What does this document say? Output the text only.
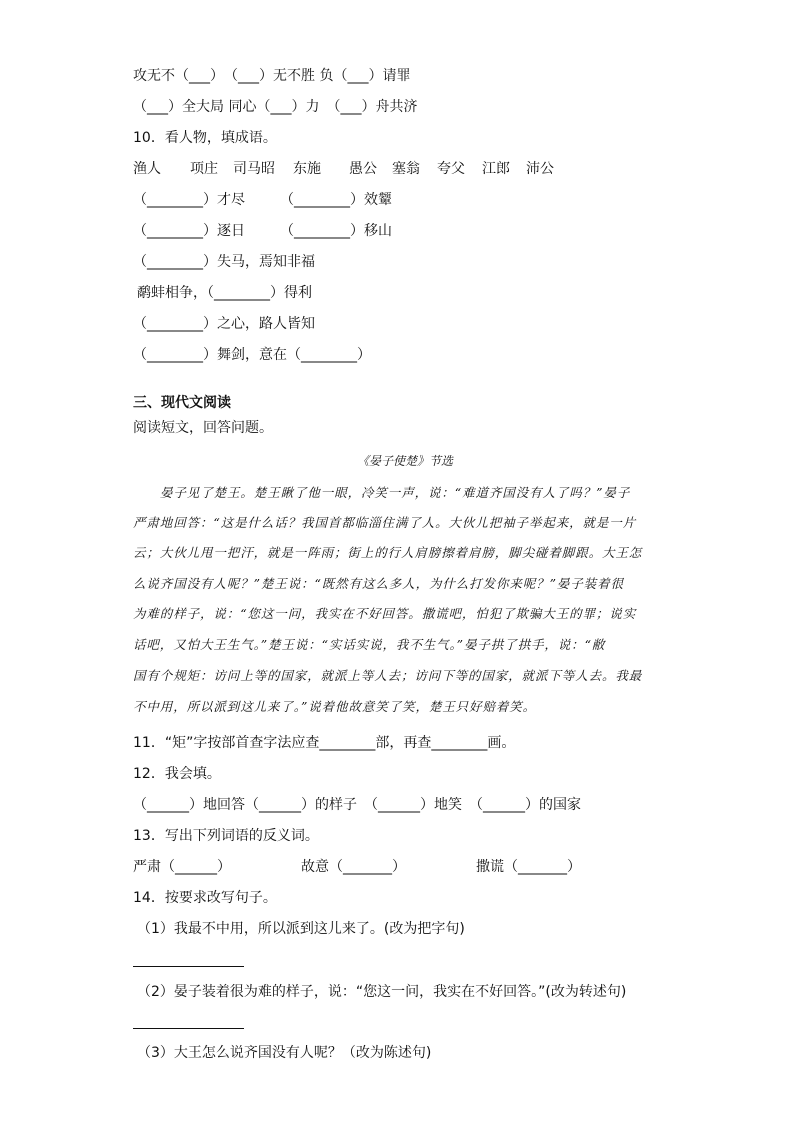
攻无不（___）　（___）无不胜 负（___）请罪
（___）全大局 同心（___）力　（___）舟共济
10．看人物，填成语。
渔人 项庄 司马昭 东施 愚公 塞翁 夸父 江郎 沛公
（________）才尽　　　（________）效颦
（________）逐日　　　（________）移山
（________）失马，焉知非福
鹬蚌相争，（________）得利
（________）之心，路人皆知
（________）舞剑，意在（________）
三、现代文阅读
阅读短文，回答问题。
《晏子使楚》节选
晏子见了楚王。楚王瞅了他一眼，冷笑一声，说：“难道齐国没有人了吗？”晏子
严肃地回答：“这是什么话？我国首都临淄住满了人。大伙儿把袖子举起来，就是一片
云；大伙儿甩一把汗，就是一阵雨；街上的行人肩膀擦着肩膀，脚尖碰着脚跟。大王怎
么说齐国没有人呢？”楚王说：“既然有这么多人，为什么打发你来呢？”晏子装着很
为难的样子，说：“您这一问，我实在不好回答。撒谎吧，怕犯了欺骗大王的罪；说实
话吧，又怕大王生气。”楚王说：“实话实说，我不生气。”晏子拱了拱手，说：“敝
国有个规矩：访问上等的国家，就派上等人去；访问下等的国家，就派下等人去。我最
不中用，所以派到这儿来了。”说着他故意笑了笑，楚王只好赔着笑。
11．“矩”字按部首查字法应查________部，再查________画。
12．我会填。
（______）地回答（______）的样子　（______）地笑　（______）的国家
13．写出下列词语的反义词。
严肃（______）	故意（_______）	撒谎（_______）
14．按要求改写句子。
（1）我最不中用，所以派到这儿来了。(改为把字句)
（2）晏子装着很为难的样子，说：“您这一问，我实在不好回答。”(改为转述句)
（3）大王怎么说齐国没有人呢？（改为陈述句)
